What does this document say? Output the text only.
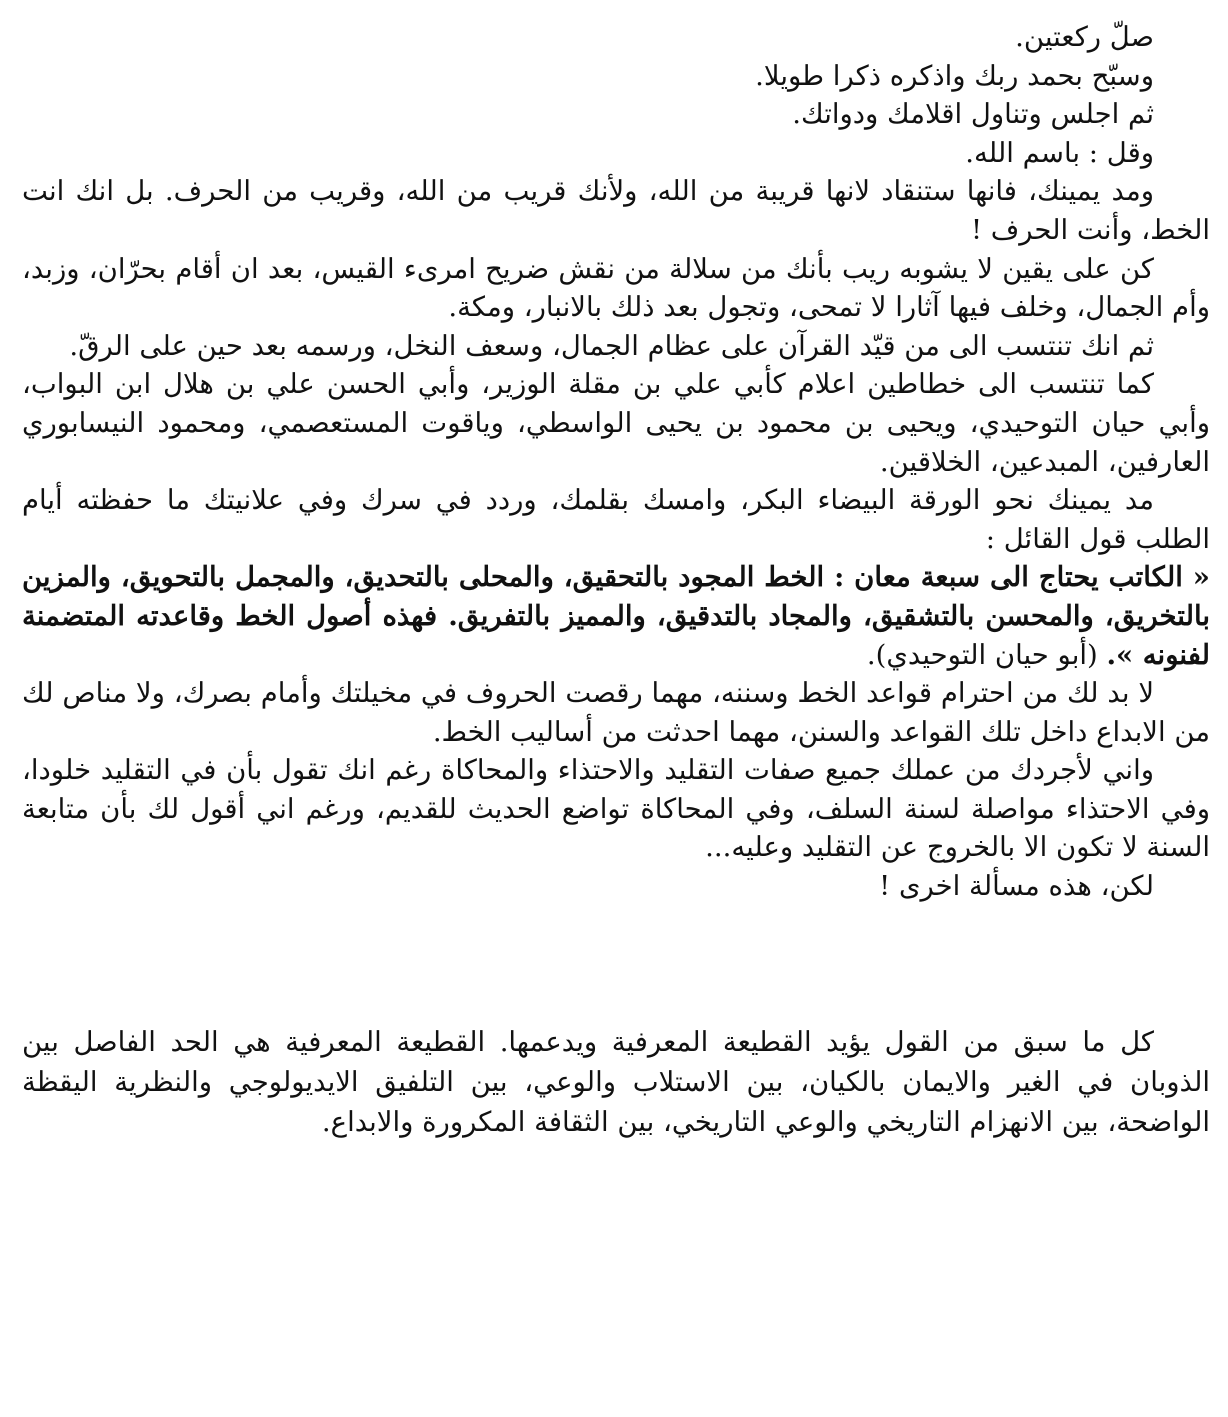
صلّ ركعتين.
وسبّح بحمد ربك واذكره ذكرا طويلا.
ثم اجلس وتناول اقلامك ودواتك.
وقل : باسم الله.

ومد يمينك، فانها ستنقاد لانها قريبة من الله، ولأنك قريب من الله، وقريب من الحرف. بل انك انت الخط، وأنت الحرف !

كن على يقين لا يشوبه ريب بأنك من سلالة من نقش ضريح امرىء القيس، بعد ان أقام بحرّان، وزبد، وأم الجمال، وخلف فيها آثارا لا تمحى، وتجول بعد ذلك بالانبار، ومكة.

ثم انك تنتسب الى من قيّد القرآن على عظام الجمال، وسعف النخل، ورسمه بعد حين على الرقّ.

كما تنتسب الى خطاطين اعلام كأبي علي بن مقلة الوزير، وأبي الحسن علي بن هلال ابن البواب، وأبي حيان التوحيدي، ويحيى بن محمود بن يحيى الواسطي، وياقوت المستعصمي، ومحمود النيسابوري العارفين، المبدعين، الخلاقين.

مد يمينك نحو الورقة البيضاء البكر، وامسك بقلمك، وردد في سرك وفي علانيتك ما حفظته أيام الطلب قول القائل :

« الكاتب يحتاج الى سبعة معان : الخط المجود بالتحقيق، والمحلى بالتحديق، والمجمل بالتحويق، والمزين بالتخريق، والمحسن بالتشقيق، والمجاد بالتدقيق، والمميز بالتفريق. فهذه أصول الخط وقاعدته المتضمنة لفنونه ». (أبو حيان التوحيدي).

لا بد لك من احترام قواعد الخط وسننه، مهما رقصت الحروف في مخيلتك وأمام بصرك، ولا مناص لك من الابداع داخل تلك القواعد والسنن، مهما احدثت من أساليب الخط.

واني لأجردك من عملك جميع صفات التقليد والاحتذاء والمحاكاة رغم انك تقول بأن في التقليد خلودا، وفي الاحتذاء مواصلة لسنة السلف، وفي المحاكاة تواضع الحديث للقديم، ورغم اني أقول لك بأن متابعة السنة لا تكون الا بالخروج عن التقليد وعليه...

لكن، هذه مسألة اخرى !

كل ما سبق من القول يؤيد القطيعة المعرفية ويدعمها. القطيعة المعرفية هي الحد الفاصل بين الذوبان في الغير والايمان بالكيان، بين الاستلاب والوعي، بين التلفيق الايديولوجي والنظرية اليقظة الواضحة، بين الانهزام التاريخي والوعي التاريخي، بين الثقافة المكرورة والابداع.
